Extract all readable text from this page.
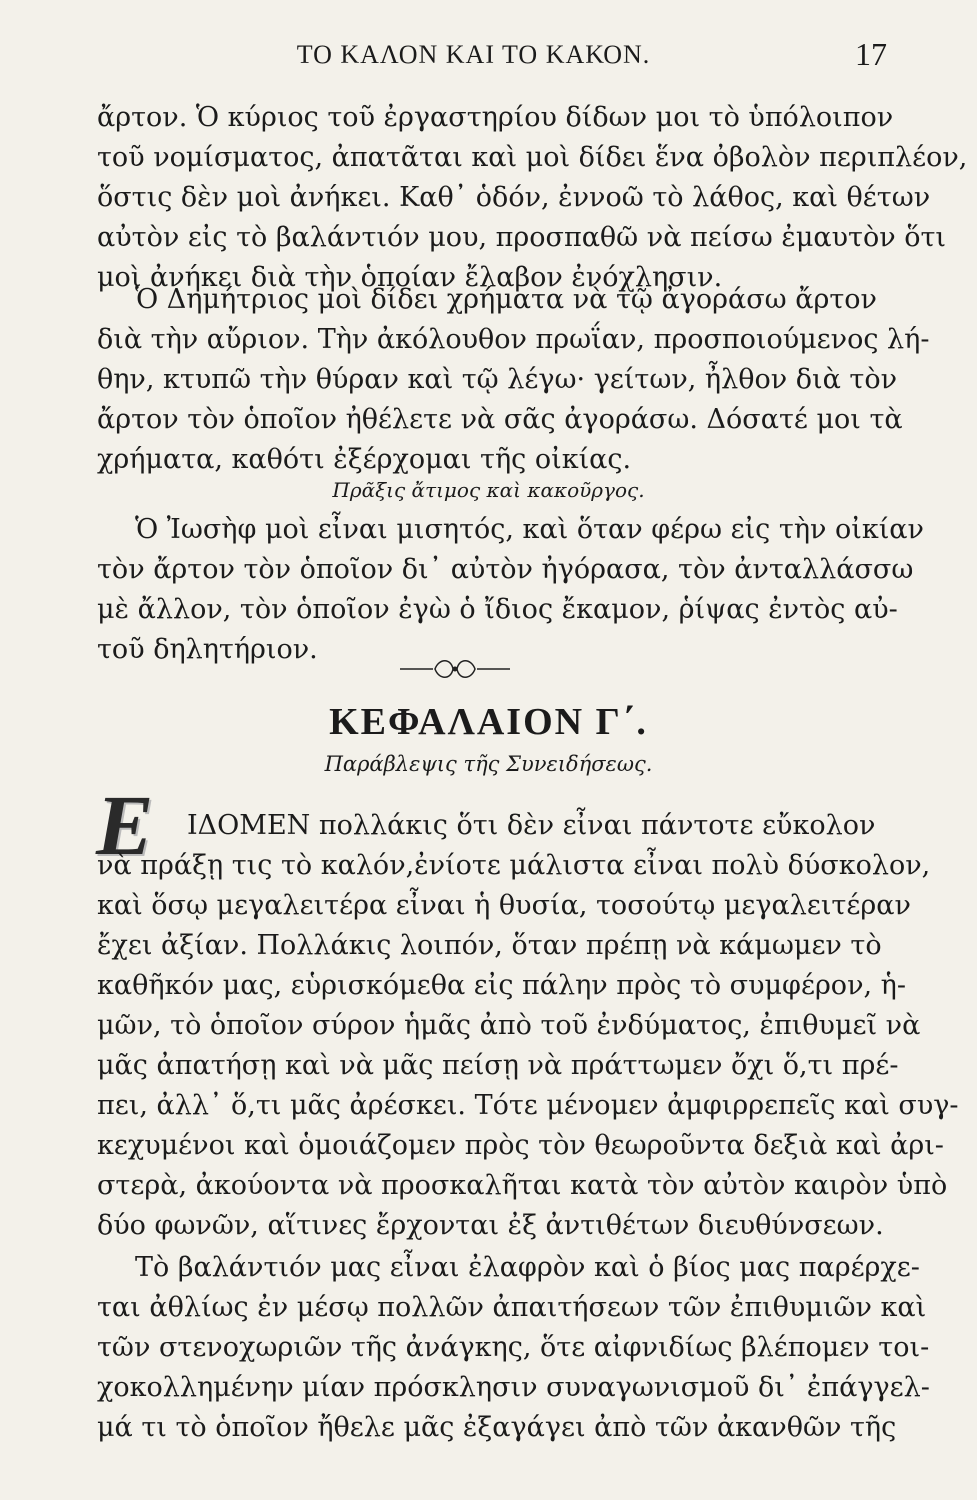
ΤΟ ΚΑΛΟΝ ΚΑΙ ΤΟ ΚΑΚΟΝ.	17
ἄρτον. Ὁ κύριος τοῦ ἐργαστηρίου δίδων μοι τὸ ὑπόλοιπον
τοῦ νομίσματος, ἀπατᾶται καὶ μοὶ δίδει ἕνα ὀβολὸν περιπλέον,
ὅστις δὲν μοὶ ἀνήκει. Καθ᾽ ὁδόν, ἐννοῶ τὸ λάθος, καὶ θέτων
αὐτὸν εἰς τὸ βαλάντιόν μου, προσπαθῶ νὰ πείσω ἐμαυτὸν ὅτι
μοὶ ἀνήκει διὰ τὴν ὁποίαν ἔλαβον ἐνόχλησιν.
Ὁ Δημήτριος μοὶ δίδει χρήματα νὰ τῷ ἀγοράσω ἄρτον
διὰ τὴν αὔριον. Τὴν ἀκόλουθον πρωΐαν, προσποιούμενος λή-
θην, κτυπῶ τὴν θύραν καὶ τῷ λέγω· γείτων, ἦλθον διὰ τὸν
ἄρτον τὸν ὁποῖον ἠθέλετε νὰ σᾶς ἀγοράσω. Δόσατέ μοι τὰ
χρήματα, καθότι ἐξέρχομαι τῆς οἰκίας.
Πρᾶξις ἄτιμος καὶ κακοῦργος.
Ὁ Ἰωσὴφ μοὶ εἶναι μισητός, καὶ ὅταν φέρω εἰς τὴν οἰκίαν
τὸν ἄρτον τὸν ὁποῖον δι᾽ αὐτὸν ἠγόρασα, τὸν ἀνταλλάσσω
μὲ ἄλλον, τὸν ὁποῖον ἐγὼ ὁ ἴδιος ἔκαμον, ῥίψας ἐντὸς αὐ-
τοῦ δηλητήριον.
ΚΕΦΑΛΑΙΟΝ Γ΄.
Παράβλεψις τῆς Συνειδήσεως.
Ε	ΙΔΟΜΕΝ πολλάκις ὅτι δὲν εἶναι πάντοτε εὔκολον
νὰ πράξῃ τις τὸ καλόν,ἐνίοτε μάλιστα εἶναι πολὺ δύσκολον,
καὶ ὅσῳ μεγαλειτέρα εἶναι ἡ θυσία, τοσούτῳ μεγαλειτέραν
ἔχει ἀξίαν. Πολλάκις λοιπόν, ὅταν πρέπῃ νὰ κάμωμεν τὸ
καθῆκόν μας, εὑρισκόμεθα εἰς πάλην πρὸς τὸ συμφέρον, ἡ-
μῶν, τὸ ὁποῖον σύρον ἡμᾶς ἀπὸ τοῦ ἐνδύματος, ἐπιθυμεῖ νὰ
μᾶς ἀπατήσῃ καὶ νὰ μᾶς πείσῃ νὰ πράττωμεν ὄχι ὅ,τι πρέ-
πει, ἀλλ᾽ ὅ,τι μᾶς ἀρέσκει. Τότε μένομεν ἀμφιρρεπεῖς καὶ συγ-
κεχυμένοι καὶ ὁμοιάζομεν πρὸς τὸν θεωροῦντα δεξιὰ καὶ ἀρι-
στερὰ, ἀκούοντα νὰ προσκαλῆται κατὰ τὸν αὐτὸν καιρὸν ὑπὸ
δύο φωνῶν, αἵτινες ἔρχονται ἐξ ἀντιθέτων διευθύνσεων.
Τὸ βαλάντιόν μας εἶναι ἐλαφρὸν καὶ ὁ βίος μας παρέρχε-
ται ἀθλίως ἐν μέσῳ πολλῶν ἀπαιτήσεων τῶν ἐπιθυμιῶν καὶ
τῶν στενοχωριῶν τῆς ἀνάγκης, ὅτε αἰφνιδίως βλέπομεν τοι-
χοκολλημένην μίαν πρόσκλησιν συναγωνισμοῦ δι᾽ ἐπάγγελ-
μά τι τὸ ὁποῖον ἤθελε μᾶς ἐξαγάγει ἀπὸ τῶν ἀκανθῶν τῆς
